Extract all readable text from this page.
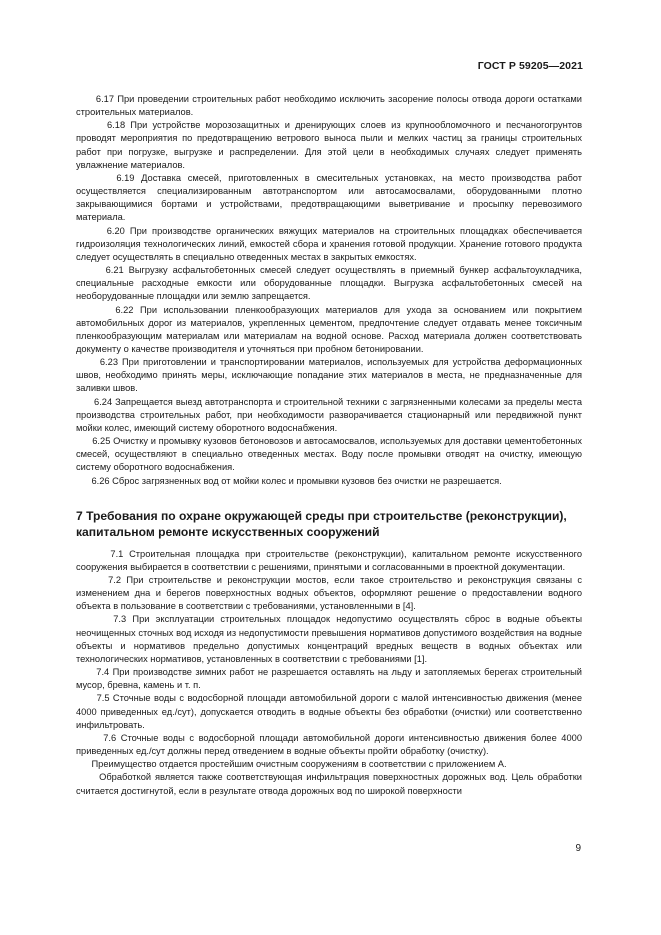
ГОСТ Р 59205—2021

6.17 При проведении строительных работ необходимо исключить засорение полосы отвода дороги остатками строительных материалов.

6.18 При устройстве морозозащитных и дренирующих слоев из крупнообломочного и песчаногогрунтов проводят мероприятия по предотвращению ветрового выноса пыли и мелких частиц за границы строительных работ при погрузке, выгрузке и распределении. Для этой цели в необходимых случаях следует применять увлажнение материалов.

6.19 Доставка смесей, приготовленных в смесительных установках, на место производства работ осуществляется специализированным автотранспортом или автосамосвалами, оборудованными плотно закрывающимися бортами и устройствами, предотвращающими выветривание и просыпку перевозимого материала.

6.20 При производстве органических вяжущих материалов на строительных площадках обеспечивается гидроизоляция технологических линий, емкостей сбора и хранения готовой продукции. Хранение готового продукта следует осуществлять в специально отведенных местах в закрытых емкостях.

6.21 Выгрузку асфальтобетонных смесей следует осуществлять в приемный бункер асфальтоукладчика, специальные расходные емкости или оборудованные площадки. Выгрузка асфальтобетонных смесей на необорудованные площадки или землю запрещается.

6.22 При использовании пленкообразующих материалов для ухода за основанием или покрытием автомобильных дорог из материалов, укрепленных цементом, предпочтение следует отдавать менее токсичным пленкообразующим материалам или материалам на водной основе. Расход материала должен соответствовать документу о качестве производителя и уточняться при пробном бетонировании.

6.23 При приготовлении и транспортировании материалов, используемых для устройства деформационных швов, необходимо принять меры, исключающие попадание этих материалов в места, не предназначенные для заливки швов.

6.24 Запрещается выезд автотранспорта и строительной техники с загрязненными колесами за пределы места производства строительных работ, при необходимости разворачивается стационарный или передвижной пункт мойки колес, имеющий систему оборотного водоснабжения.

6.25 Очистку и промывку кузовов бетоновозов и автосамосвалов, используемых для доставки цементобетонных смесей, осуществляют в специально отведенных местах. Воду после промывки отводят на очистку, имеющую систему оборотного водоснабжения.

6.26 Сброс загрязненных вод от мойки колес и промывки кузовов без очистки не разрешается.

7 Требования по охране окружающей среды при строительстве (реконструкции), капитальном ремонте искусственных сооружений

7.1 Строительная площадка при строительстве (реконструкции), капитальном ремонте искусственного сооружения выбирается в соответствии с решениями, принятыми и согласованными в проектной документации.

7.2 При строительстве и реконструкции мостов, если такое строительство и реконструкция связаны с изменением дна и берегов поверхностных водных объектов, оформляют решение о предоставлении водного объекта в пользование в соответствии с требованиями, установленными в [4].

7.3 При эксплуатации строительных площадок недопустимо осуществлять сброс в водные объекты неочищенных сточных вод исходя из недопустимости превышения нормативов допустимого воздействия на водные объекты и нормативов предельно допустимых концентраций вредных веществ в водных объектах или технологических нормативов, установленных в соответствии с требованиями [1].

7.4 При производстве зимних работ не разрешается оставлять на льду и затопляемых берегах строительный мусор, бревна, камень и т. п.

7.5 Сточные воды с водосборной площади автомобильной дороги с малой интенсивностью движения (менее 4000 приведенных ед./сут), допускается отводить в водные объекты без обработки (очистки) или соответственно инфильтровать.

7.6 Сточные воды с водосборной площади автомобильной дороги интенсивностью движения более 4000 приведенных ед./сут должны перед отведением в водные объекты пройти обработку (очистку).

Преимущество отдается простейшим очистным сооружениям в соответствии с приложением А.

Обработкой является также соответствующая инфильтрация поверхностных дорожных вод. Цель обработки считается достигнутой, если в результате отвода дорожных вод по широкой поверхности

9
